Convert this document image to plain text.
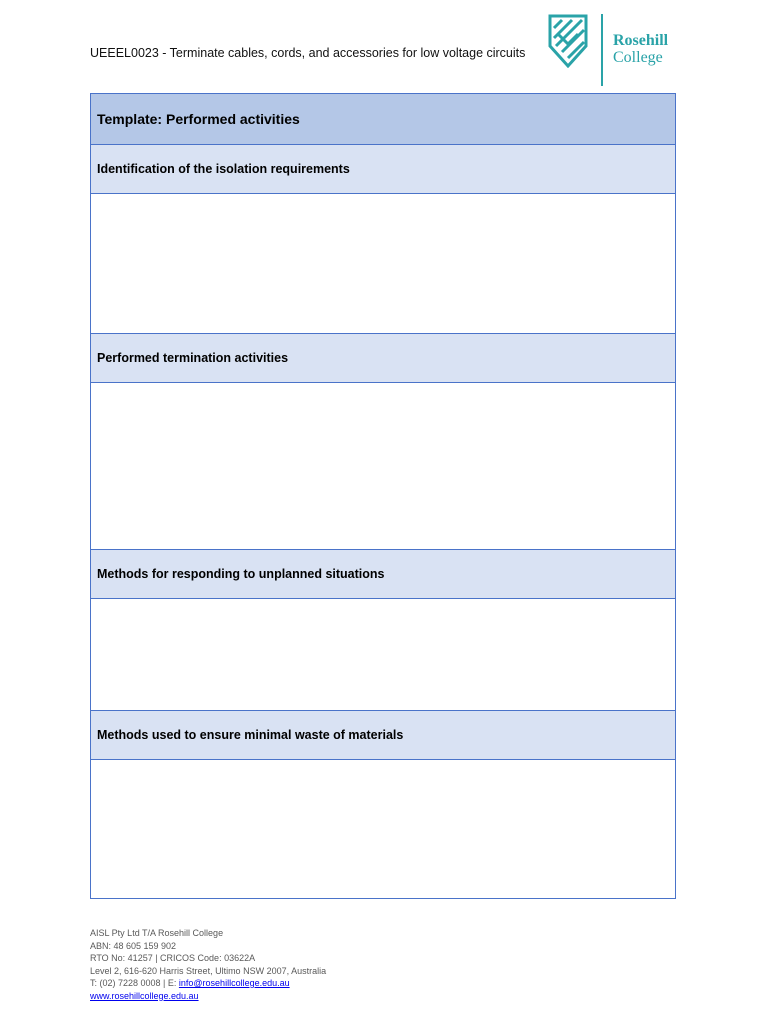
UEEEL0023 - Terminate cables, cords, and accessories for low voltage circuits
Rosehill
College
Template: Performed activities
Identification of the isolation requirements
Performed termination activities
Methods for responding to unplanned situations
Methods used to ensure minimal waste of materials
AISL Pty Ltd T/A Rosehill College
ABN: 48 605 159 902
RTO No: 41257 | CRICOS Code: 03622A
Level 2, 616-620 Harris Street, Ultimo NSW 2007, Australia
T: (02) 7228 0008 | E: info@rosehillcollege.edu.au
www.rosehillcollege.edu.au
